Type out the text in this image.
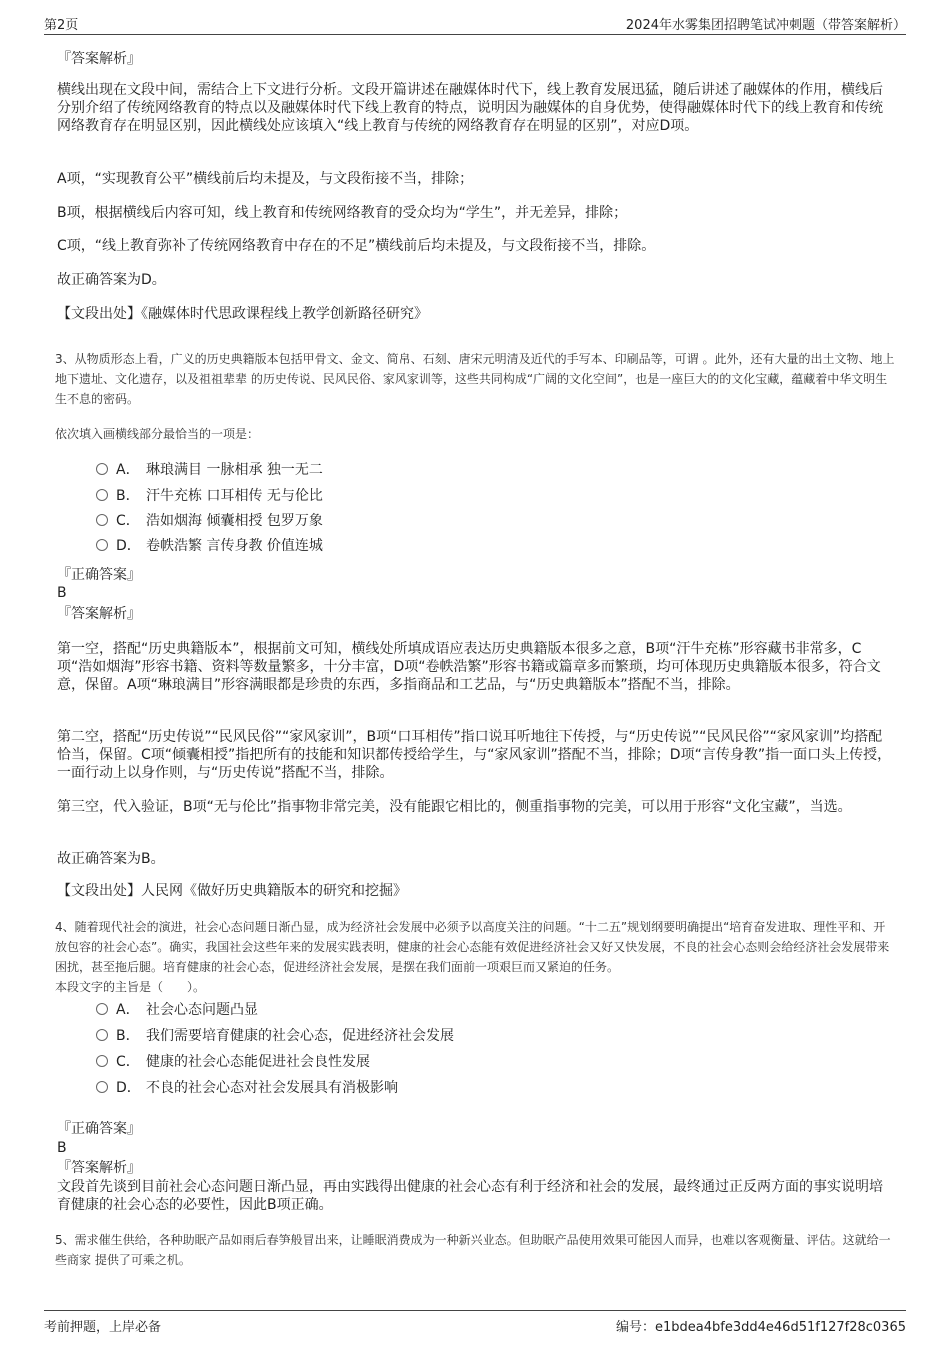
第2页	2024年水雾集团招聘笔试冲刺题（带答案解析）

『答案解析』

横线出现在文段中间，需结合上下文进行分析。文段开篇讲述在融媒体时代下，线上教育发展迅猛，随后讲述了融媒体的作用，横线后分别介绍了传统网络教育的特点以及融媒体时代下线上教育的特点，说明因为融媒体的自身优势，使得融媒体时代下的线上教育和传统网络教育存在明显区别，因此横线处应该填入“线上教育与传统的网络教育存在明显的区别”，对应D项。

A项，“实现教育公平”横线前后均未提及，与文段衔接不当，排除；

B项，根据横线后内容可知，线上教育和传统网络教育的受众均为“学生”，并无差异，排除；

C项，“线上教育弥补了传统网络教育中存在的不足”横线前后均未提及，与文段衔接不当，排除。

故正确答案为D。

【文段出处】《融媒体时代思政课程线上教学创新路径研究》

3、从物质形态上看，广义的历史典籍版本包括甲骨文、金文、简帛、石刻、唐宋元明清及近代的手写本、印刷品等，可谓 。此外，还有大量的出土文物、地上地下遗址、文化遗存，以及祖祖辈辈 的历史传说、民风民俗、家风家训等，这些共同构成“广阔的文化空间”，也是一座巨大的的文化宝藏，蕴藏着中华文明生生不息的密码。

依次填入画横线部分最恰当的一项是：

A． 琳琅满目 一脉相承 独一无二
B． 汗牛充栋 口耳相传 无与伦比
C． 浩如烟海 倾囊相授 包罗万象
D． 卷帙浩繁 言传身教 价值连城

『正确答案』

B

『答案解析』

第一空，搭配“历史典籍版本”，根据前文可知，横线处所填成语应表达历史典籍版本很多之意，B项“汗牛充栋”形容藏书非常多，C项“浩如烟海”形容书籍、资料等数量繁多，十分丰富，D项“卷帙浩繁”形容书籍或篇章多而繁琐，均可体现历史典籍版本很多，符合文意，保留。A项“琳琅满目”形容满眼都是珍贵的东西，多指商品和工艺品，与“历史典籍版本”搭配不当，排除。

第二空，搭配“历史传说”“民风民俗”“家风家训”，B项“口耳相传”指口说耳听地往下传授，与“历史传说”“民风民俗”“家风家训”均搭配恰当，保留。C项“倾囊相授”指把所有的技能和知识都传授给学生，与“家风家训”搭配不当，排除；D项“言传身教”指一面口头上传授，一面行动上以身作则，与“历史传说”搭配不当，排除。

第三空，代入验证，B项“无与伦比”指事物非常完美，没有能跟它相比的，侧重指事物的完美，可以用于形容“文化宝藏”，当选。

故正确答案为B。

【文段出处】人民网《做好历史典籍版本的研究和挖掘》

4、随着现代社会的演进，社会心态问题日渐凸显，成为经济社会发展中必须予以高度关注的问题。“十二五”规划纲要明确提出“培育奋发进取、理性平和、开放包容的社会心态”。确实，我国社会这些年来的发展实践表明，健康的社会心态能有效促进经济社会又好又快发展，不良的社会心态则会给经济社会发展带来困扰，甚至拖后腿。培育健康的社会心态，促进经济社会发展，是摆在我们面前一项艰巨而又紧迫的任务。

本段文字的主旨是（　　）。

A． 社会心态问题凸显
B． 我们需要培育健康的社会心态，促进经济社会发展
C． 健康的社会心态能促进社会良性发展
D． 不良的社会心态对社会发展具有消极影响

『正确答案』

B

『答案解析』

文段首先谈到目前社会心态问题日渐凸显，再由实践得出健康的社会心态有利于经济和社会的发展，最终通过正反两方面的事实说明培育健康的社会心态的必要性，因此B项正确。

5、需求催生供给，各种助眠产品如雨后春笋般冒出来，让睡眠消费成为一种新兴业态。但助眠产品使用效果可能因人而异，也难以客观衡量、评估。这就给一些商家 提供了可乘之机。

考前押题，上岸必备	编号：e1bdea4bfe3dd4e46d51f127f28c0365
